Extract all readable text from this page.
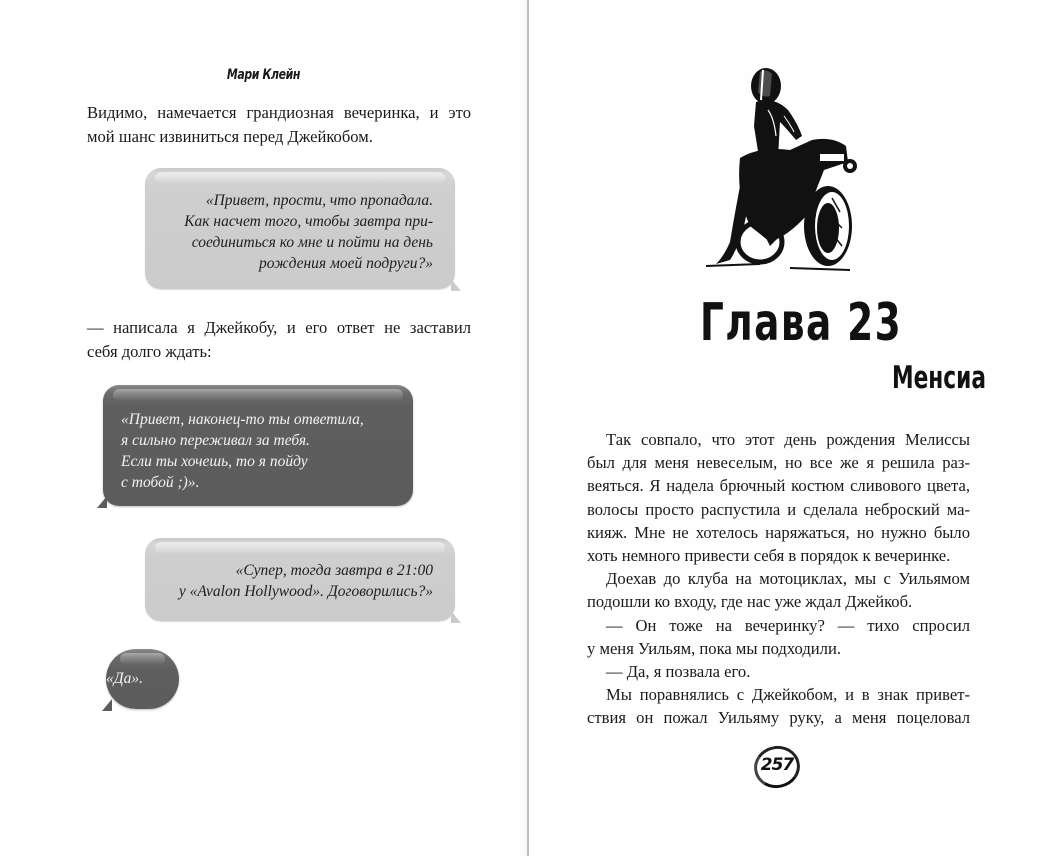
Мари Клейн
Видимо, намечается грандиозная вечеринка, и это
мой шанс извиниться перед Джейкобом.
«Привет, прости, что пропадала.
Как насчет того, чтобы завтра при-
соединиться ко мне и пойти на день
рождения моей подруги?»
— написала я Джейкобу, и его ответ не заставил
себя долго ждать:
«Привет, наконец-то ты ответила,
я сильно переживал за тебя.
Если ты хочешь, то я пойду
с тобой ;)».
«Супер, тогда завтра в 21:00
у «Avalon Hollywood». Договорились?»
«Да».
Глава 23
Менсиа
Так совпало, что этот день рождения Мелиссы
был для меня невеселым, но все же я решила раз-
веяться. Я надела брючный костюм сливового цвета,
волосы просто распустила и сделала неброский ма-
кияж. Мне не хотелось наряжаться, но нужно было
хоть немного привести себя в порядок к вечеринке.
Доехав до клуба на мотоциклах, мы с Уильямом
подошли ко входу, где нас уже ждал Джейкоб.
— Он тоже на вечеринку? — тихо спросил
у меня Уильям, пока мы подходили.
— Да, я позвала его.
Мы поравнялись с Джейкобом, и в знак привет-
ствия он пожал Уильяму руку, а меня поцеловал
257
